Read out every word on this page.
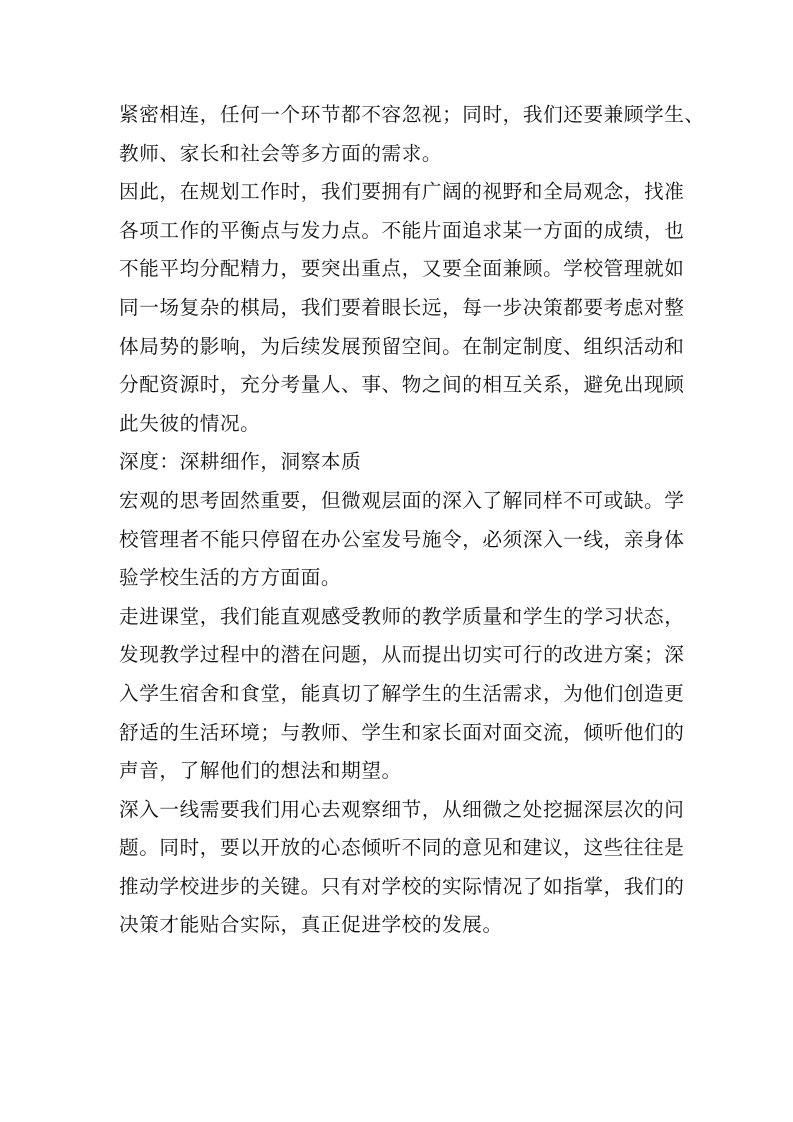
紧密相连，任何一个环节都不容忽视；同时，我们还要兼顾学生、
教师、家长和社会等多方面的需求。
因此，在规划工作时，我们要拥有广阔的视野和全局观念，找准
各项工作的平衡点与发力点。不能片面追求某一方面的成绩，也
不能平均分配精力，要突出重点，又要全面兼顾。学校管理就如
同一场复杂的棋局，我们要着眼长远，每一步决策都要考虑对整
体局势的影响，为后续发展预留空间。在制定制度、组织活动和
分配资源时，充分考量人、事、物之间的相互关系，避免出现顾
此失彼的情况。
深度：深耕细作，洞察本质
宏观的思考固然重要，但微观层面的深入了解同样不可或缺。学
校管理者不能只停留在办公室发号施令，必须深入一线，亲身体
验学校生活的方方面面。
走进课堂，我们能直观感受教师的教学质量和学生的学习状态，
发现教学过程中的潜在问题，从而提出切实可行的改进方案；深
入学生宿舍和食堂，能真切了解学生的生活需求，为他们创造更
舒适的生活环境；与教师、学生和家长面对面交流，倾听他们的
声音，了解他们的想法和期望。
深入一线需要我们用心去观察细节，从细微之处挖掘深层次的问
题。同时，要以开放的心态倾听不同的意见和建议，这些往往是
推动学校进步的关键。只有对学校的实际情况了如指掌，我们的
决策才能贴合实际，真正促进学校的发展。
